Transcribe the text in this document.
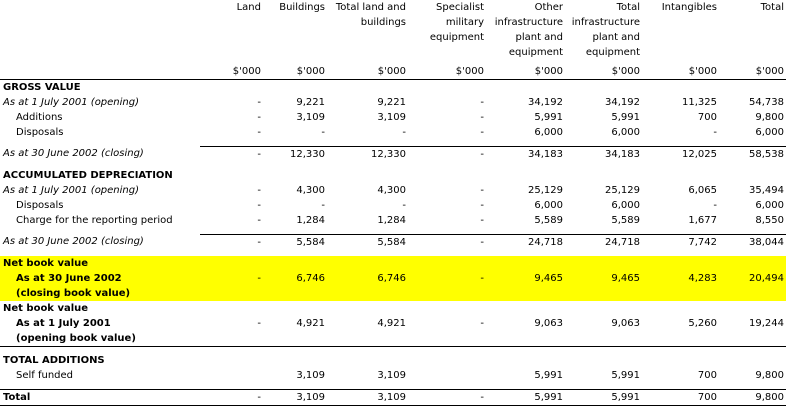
	Land	Buildings	Total land and buildings	Specialist military equipment	Other infrastructure plant and equipment	Total infrastructure plant and equipment	Intangibles	Total
	$'000	$'000	$'000	$'000	$'000	$'000	$'000	$'000
GROSS VALUE								
As at 1 July 2001 (opening)	-	9,221	9,221	-	34,192	34,192	11,325	54,738
Additions	-	3,109	3,109	-	5,991	5,991	700	9,800
Disposals	-	-	-	-	6,000	6,000	-	6,000

As at 30 June 2002 (closing)	-	12,330	12,330	-	34,183	34,183	12,025	58,538

ACCUMULATED DEPRECIATION								
As at 1 July 2001 (opening)	-	4,300	4,300	-	25,129	25,129	6,065	35,494
Disposals	-	-	-	-	6,000	6,000	-	6,000
Charge for the reporting period	-	1,284	1,284	-	5,589	5,589	1,677	8,550

As at 30 June 2002 (closing)	-	5,584	5,584	-	24,718	24,718	7,742	38,044

Net book value								
As at 30 June 2002	-	6,746	6,746	-	9,465	9,465	4,283	20,494
(closing book value)								
Net book value								
As at 1 July 2001	-	4,921	4,921	-	9,063	9,063	5,260	19,244
(opening book value)								

TOTAL ADDITIONS								
Self funded		3,109	3,109		5,991	5,991	700	9,800

Total	-	3,109	3,109	-	5,991	5,991	700	9,800
